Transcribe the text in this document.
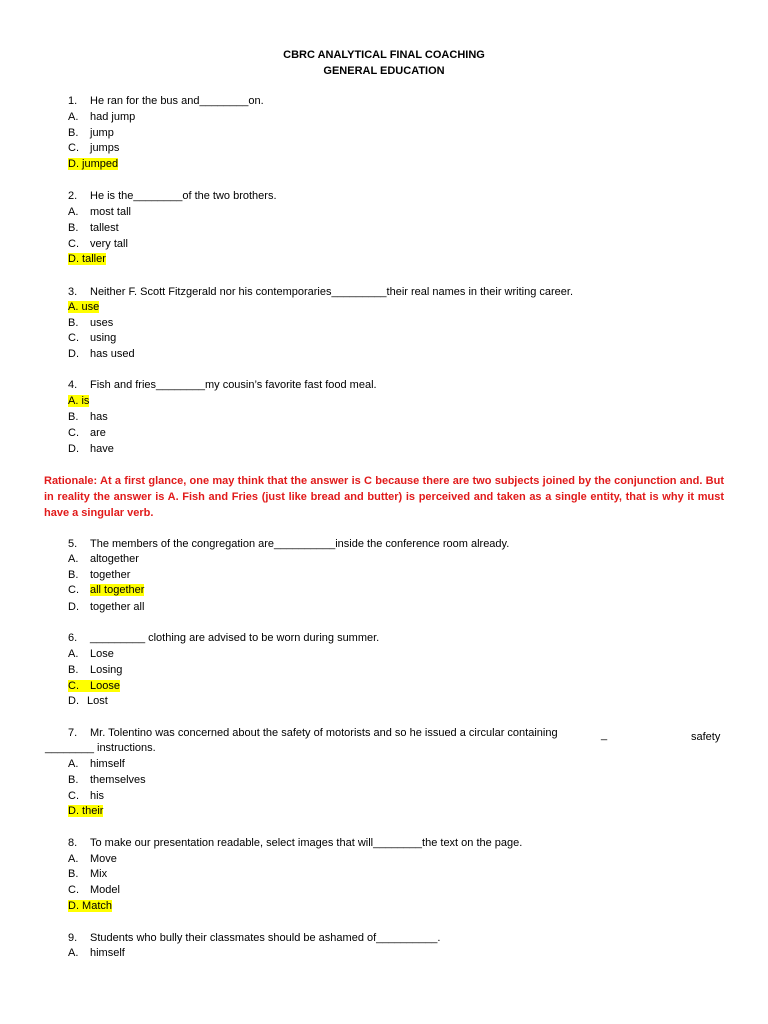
CBRC ANALYTICAL FINAL COACHING
GENERAL EDUCATION
1. He ran for the bus and________on.
A. had jump
B. jump
C. jumps
D. jumped
2. He is the________of the two brothers.
A. most tall
B. tallest
C. very tall
D. taller
3. Neither F. Scott Fitzgerald nor his contemporaries_________their real names in their writing career.
A. use
B. uses
C. using
D. has used
4. Fish and fries________my cousin’s favorite fast food meal.
A. is
B. has
C. are
D. have
Rationale: At a first glance, one may think that the answer is C because there are two subjects joined by the conjunction and. But in reality the answer is A. Fish and Fries (just like bread and butter) is perceived and taken as a single entity, that is why it must have a singular verb.
5. The members of the congregation are__________inside the conference room already.
A. altogether
B. together
C. all together
D. together all
6. _________ clothing are advised to be worn during summer.
A. Lose
B. Losing
C. Loose
D. Lost
7. Mr. Tolentino was concerned about the safety of motorists and so he issued a circular containing	_	safety
________ instructions.
A. himself
B. themselves
C. his
D. their
8. To make our presentation readable, select images that will________the text on the page.
A. Move
B. Mix
C. Model
D. Match
9. Students who bully their classmates should be ashamed of__________.
A. himself
